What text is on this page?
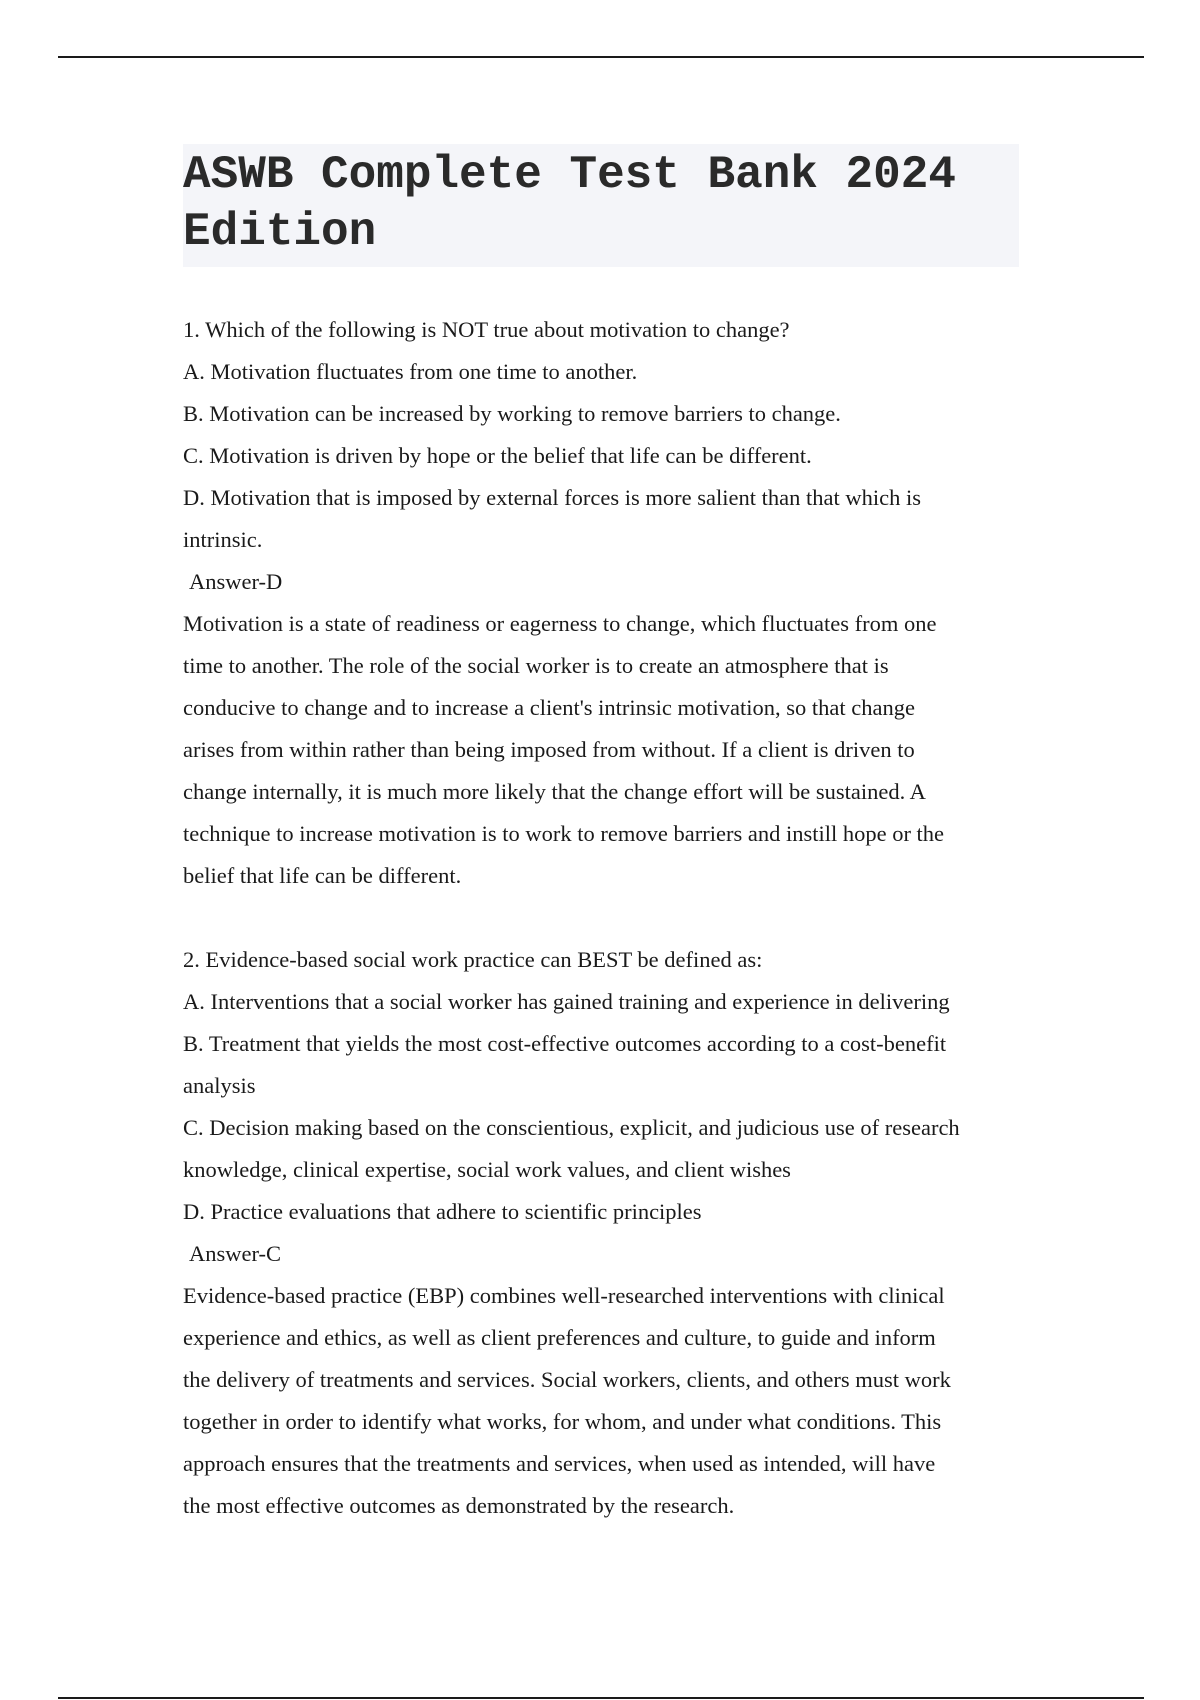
ASWB Complete Test Bank 2024 Edition

1. Which of the following is NOT true about motivation to change?

A. Motivation fluctuates from one time to another.

B. Motivation can be increased by working to remove barriers to change.

C. Motivation is driven by hope or the belief that life can be different.

D. Motivation that is imposed by external forces is more salient than that which is

intrinsic.

Answer-D

Motivation is a state of readiness or eagerness to change, which fluctuates from one

time to another. The role of the social worker is to create an atmosphere that is

conducive to change and to increase a client's intrinsic motivation, so that change

arises from within rather than being imposed from without. If a client is driven to

change internally, it is much more likely that the change effort will be sustained. A

technique to increase motivation is to work to remove barriers and instill hope or the

belief that life can be different.

2. Evidence-based social work practice can BEST be defined as:

A. Interventions that a social worker has gained training and experience in delivering

B. Treatment that yields the most cost-effective outcomes according to a cost-benefit

analysis

C. Decision making based on the conscientious, explicit, and judicious use of research

knowledge, clinical expertise, social work values, and client wishes

D. Practice evaluations that adhere to scientific principles

Answer-C

Evidence-based practice (EBP) combines well-researched interventions with clinical

experience and ethics, as well as client preferences and culture, to guide and inform

the delivery of treatments and services. Social workers, clients, and others must work

together in order to identify what works, for whom, and under what conditions. This

approach ensures that the treatments and services, when used as intended, will have

the most effective outcomes as demonstrated by the research.
